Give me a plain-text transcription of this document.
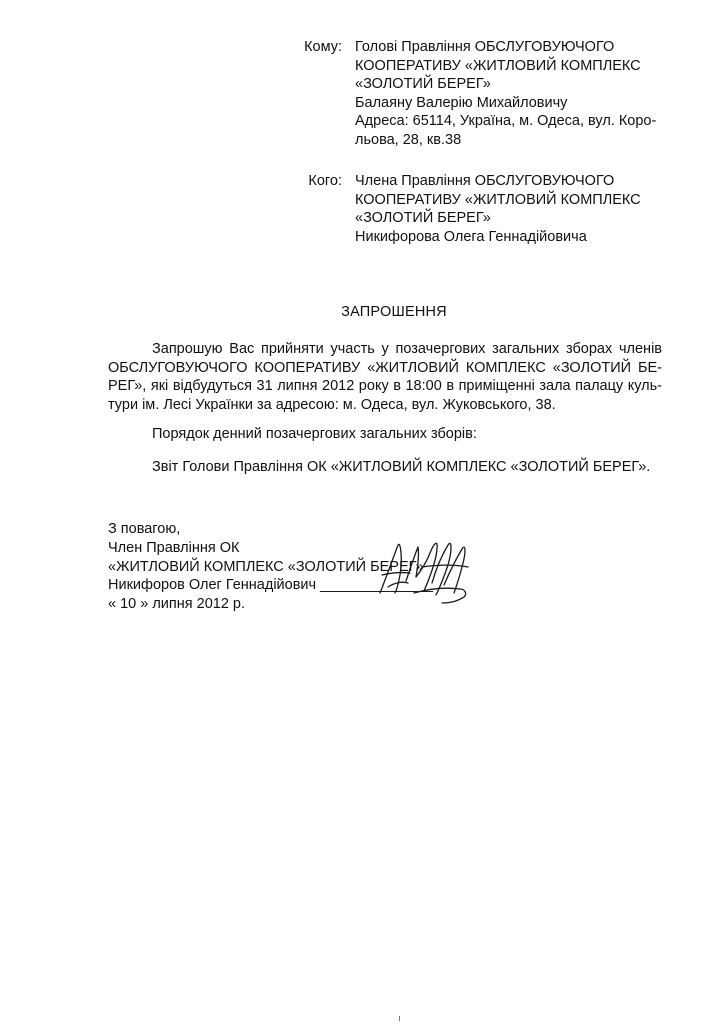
Кому: Голові Правління ОБСЛУГОВУЮЧОГО
КООПЕРАТИВУ «ЖИТЛОВИЙ КОМПЛЕКС
«ЗОЛОТИЙ БЕРЕГ»
Балаяну Валерію Михайловичу
Адреса: 65114, Україна, м. Одеса, вул. Коро-
льова, 28, кв.38
Кого: Члена Правління ОБСЛУГОВУЮЧОГО
КООПЕРАТИВУ «ЖИТЛОВИЙ КОМПЛЕКС
«ЗОЛОТИЙ БЕРЕГ»
Никифорова Олега Геннадійовича
ЗАПРОШЕННЯ
Запрошую Вас прийняти участь у позачергових загальних зборах членів
ОБСЛУГОВУЮЧОГО КООПЕРАТИВУ «ЖИТЛОВИЙ КОМПЛЕКС «ЗОЛОТИЙ БЕ-
РЕГ», які відбудуться 31 липня 2012 року в 18:00 в приміщенні зала палацу куль-
тури ім. Лесі Українки за адресою: м. Одеса, вул. Жуковського, 38.
Порядок денний позачергових загальних зборів:
Звіт Голови Правління ОК «ЖИТЛОВИЙ КОМПЛЕКС «ЗОЛОТИЙ БЕРЕГ».
З повагою,
Член Правління ОК
«ЖИТЛОВИЙ КОМПЛЕКС «ЗОЛОТИЙ БЕРЕГ»
Никифоров Олег Геннадійович ______________
« 10 » липня 2012 р.
